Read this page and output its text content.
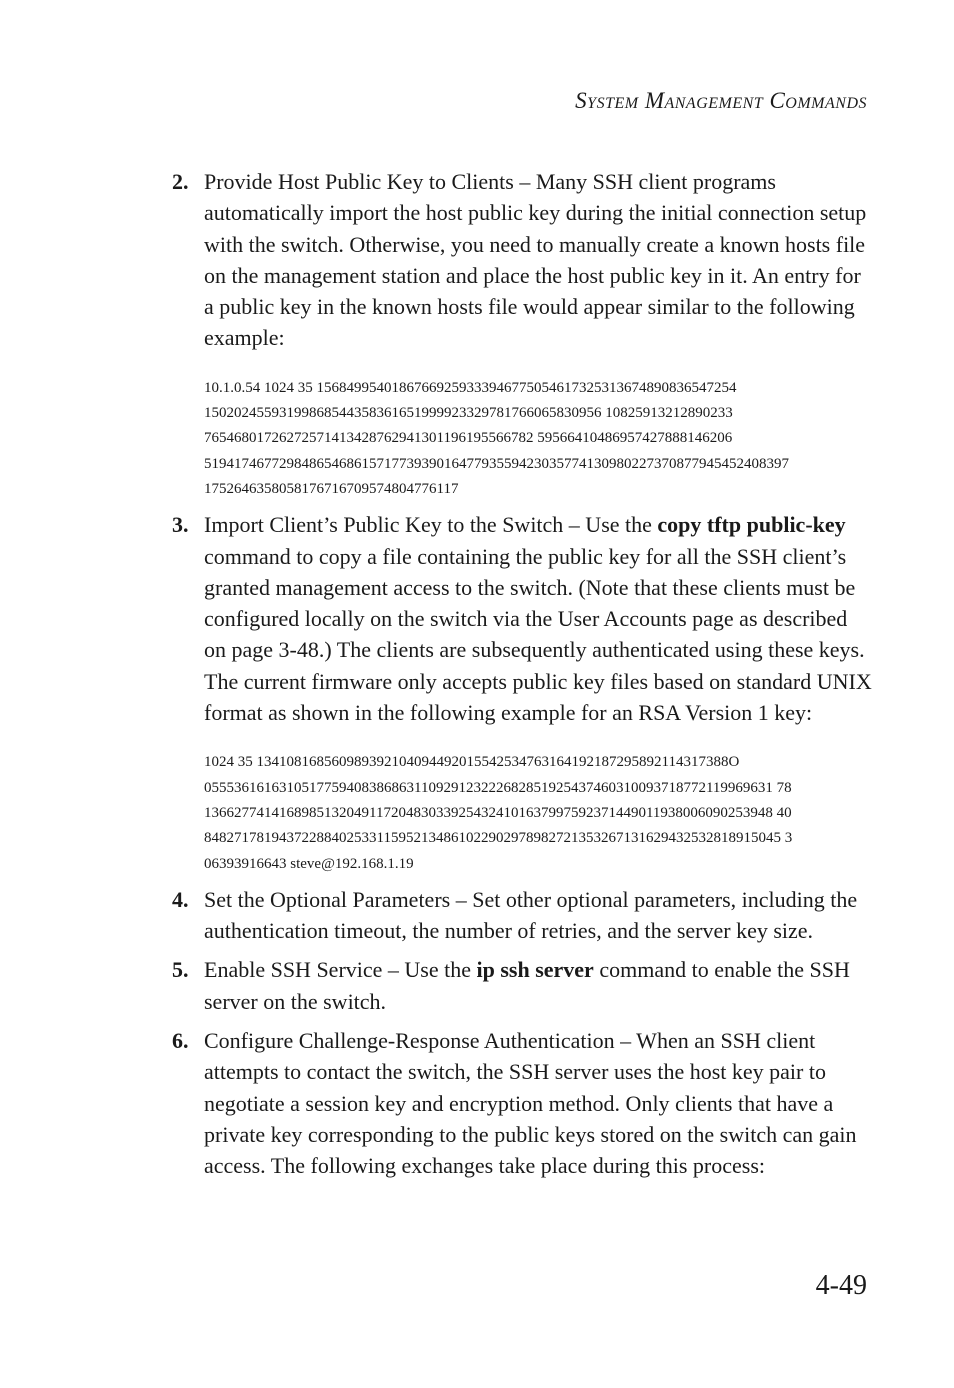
System Management Commands
2. Provide Host Public Key to Clients – Many SSH client programs automatically import the host public key during the initial connection setup with the switch. Otherwise, you need to manually create a known hosts file on the management station and place the host public key in it. An entry for a public key in the known hosts file would appear similar to the following example:
10.1.0.54 1024 35 15684995401867669259333946775054617325313674890836547254
15020245593199868544358361651999923329781766065830956 10825913212890233
76546801726272571413428762941301196195566782 59566410486957427888146206
519417467729848654686157177393901647793559423035774130980227370877945452408397
1752646358058176716709574804776117
3. Import Client’s Public Key to the Switch – Use the copy tftp public-key command to copy a file containing the public key for all the SSH client’s granted management access to the switch. (Note that these clients must be configured locally on the switch via the User Accounts page as described on page 3-48.) The clients are subsequently authenticated using these keys. The current firmware only accepts public key files based on standard UNIX format as shown in the following example for an RSA Version 1 key:
1024 35 134108168560989392104094492015542534763164192187295892114317388O
0555361616310517759408386863110929123222682851925437460310093718772119969631 78
1366277414168985132049117204830339254324101637997592371449011938006090253948 40
84827178194372288402533115952134861022902978982721353267131629432532818915045 3
06393916643 steve@192.168.1.19
4. Set the Optional Parameters – Set other optional parameters, including the authentication timeout, the number of retries, and the server key size.
5. Enable SSH Service – Use the ip ssh server command to enable the SSH server on the switch.
6. Configure Challenge-Response Authentication – When an SSH client attempts to contact the switch, the SSH server uses the host key pair to negotiate a session key and encryption method. Only clients that have a private key corresponding to the public keys stored on the switch can gain access. The following exchanges take place during this process:
4-49
